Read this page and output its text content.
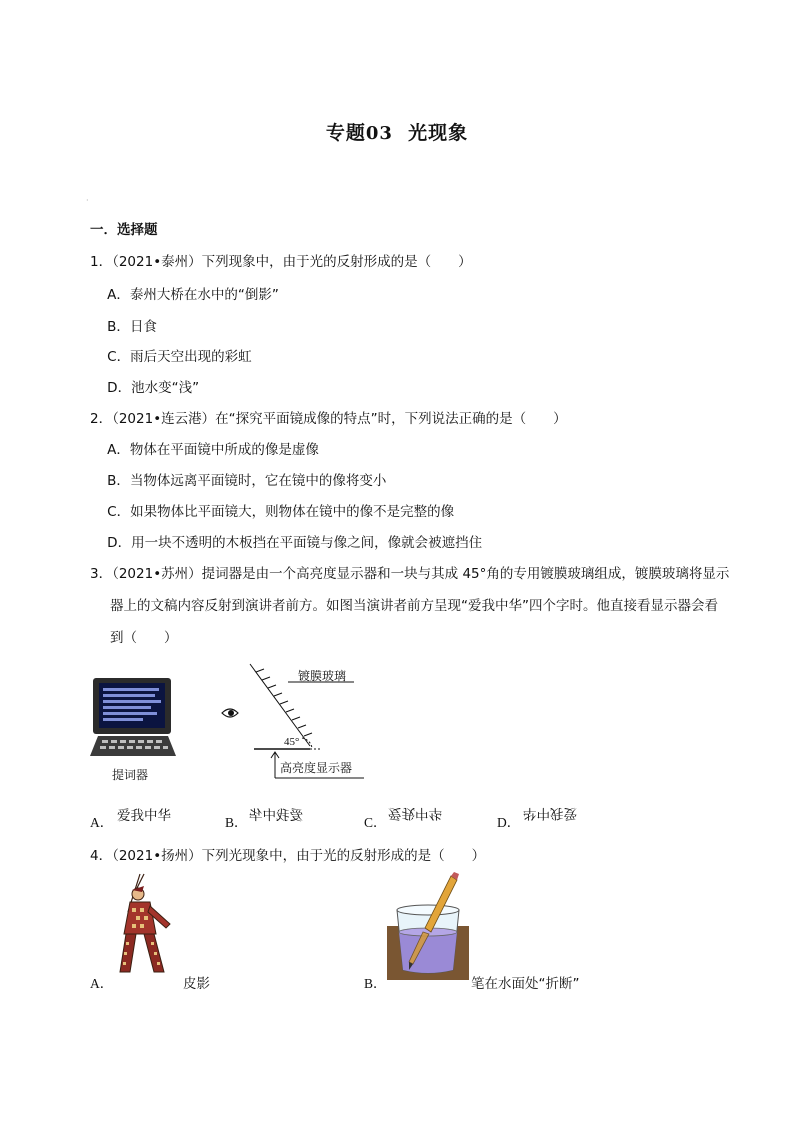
专题03 光现象
·
一．选择题
1．（2021•泰州）下列现象中，由于光的反射形成的是（　　）
A．泰州大桥在水中的“倒影”
B．日食
C．雨后天空出现的彩虹
D．池水变“浅”
2．（2021•连云港）在“探究平面镜成像的特点”时，下列说法正确的是（　　）
A．物体在平面镜中所成的像是虚像
B．当物体远离平面镜时，它在镜中的像将变小
C．如果物体比平面镜大，则物体在镜中的像不是完整的像
D．用一块不透明的木板挡在平面镜与像之间，像就会被遮挡住
3．（2021•苏州）提词器是由一个高亮度显示器和一块与其成 45°角的专用镀膜玻璃组成，镀膜玻璃将显示
器上的文稿内容反射到演讲者前方。如图当演讲者前方呈现“爱我中华”四个字时。他直接看显示器会看
到（　　）
提词器
镀膜玻璃
45°
高亮度显示器
A． 爱我中华	B． 爱我中华	C．
爱我中华
D．
爱我中华
4．（2021•扬州）下列光现象中，由于光的反射形成的是（　　）
A．	皮影	B．	笔在水面处“折断”
